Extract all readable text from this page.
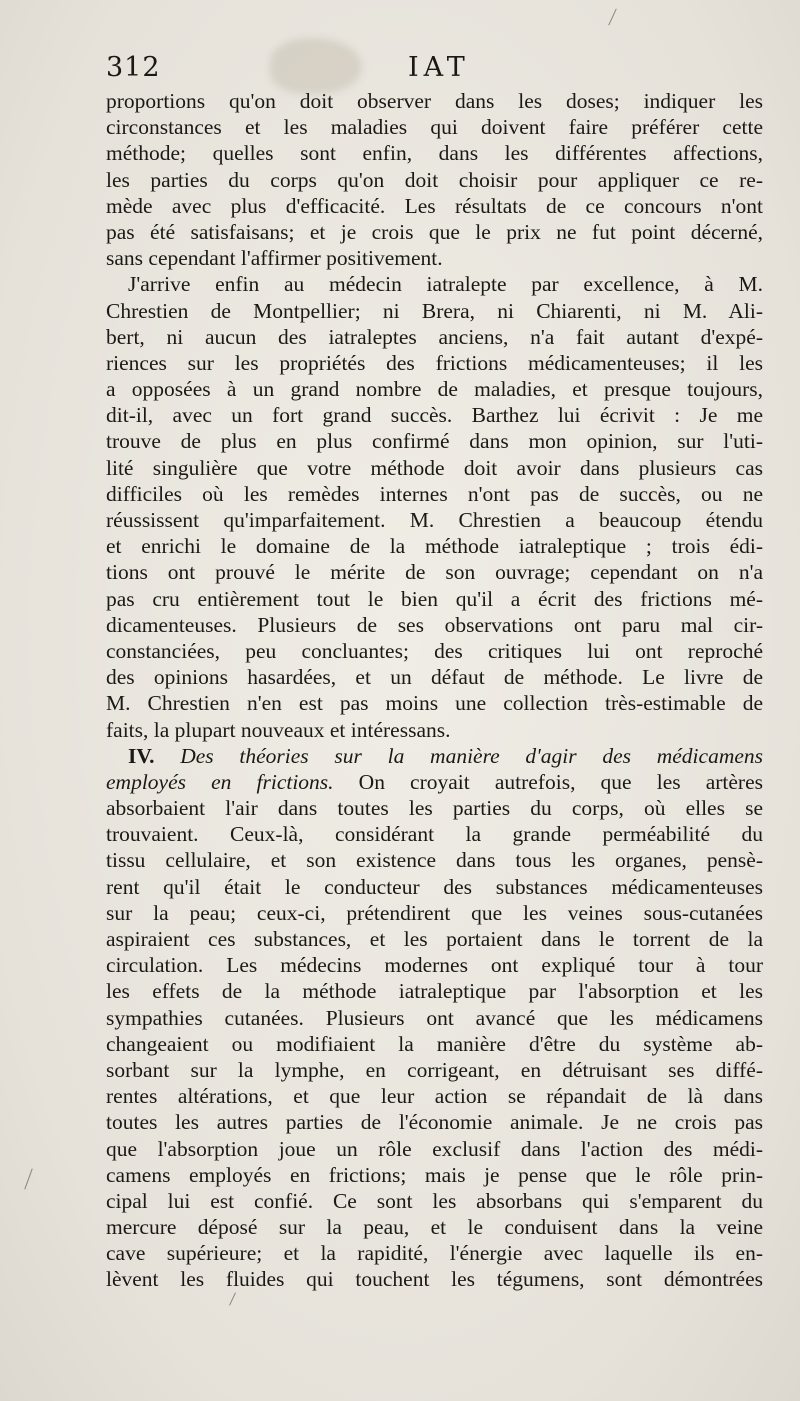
312	IAT

proportions qu'on doit observer dans les doses; indiquer les
circonstances et les maladies qui doivent faire préférer cette
méthode; quelles sont enfin, dans les différentes affections,
les parties du corps qu'on doit choisir pour appliquer ce re-
mède avec plus d'efficacité. Les résultats de ce concours n'ont
pas été satisfaisans; et je crois que le prix ne fut point décerné,
sans cependant l'affirmer positivement.

J'arrive enfin au médecin iatralepte par excellence, à M.
Chrestien de Montpellier; ni Brera, ni Chiarenti, ni M. Ali-
bert, ni aucun des iatraleptes anciens, n'a fait autant d'expé-
riences sur les propriétés des frictions médicamenteuses; il les
a opposées à un grand nombre de maladies, et presque toujours,
dit-il, avec un fort grand succès. Barthez lui écrivit : Je me
trouve de plus en plus confirmé dans mon opinion, sur l'uti-
lité singulière que votre méthode doit avoir dans plusieurs cas
difficiles où les remèdes internes n'ont pas de succès, ou ne
réussissent qu'imparfaitement. M. Chrestien a beaucoup étendu
et enrichi le domaine de la méthode iatraleptique ; trois édi-
tions ont prouvé le mérite de son ouvrage; cependant on n'a
pas cru entièrement tout le bien qu'il a écrit des frictions mé-
dicamenteuses. Plusieurs de ses observations ont paru mal cir-
constanciées, peu concluantes; des critiques lui ont reproché
des opinions hasardées, et un défaut de méthode. Le livre de
M. Chrestien n'en est pas moins une collection très-estimable de
faits, la plupart nouveaux et intéressans.

IV. Des théories sur la manière d'agir des médicamens
employés en frictions. On croyait autrefois, que les artères
absorbaient l'air dans toutes les parties du corps, où elles se
trouvaient. Ceux-là, considérant la grande perméabilité du
tissu cellulaire, et son existence dans tous les organes, pensè-
rent qu'il était le conducteur des substances médicamenteuses
sur la peau; ceux-ci, prétendirent que les veines sous-cutanées
aspiraient ces substances, et les portaient dans le torrent de la
circulation. Les médecins modernes ont expliqué tour à tour
les effets de la méthode iatraleptique par l'absorption et les
sympathies cutanées. Plusieurs ont avancé que les médicamens
changeaient ou modifiaient la manière d'être du système ab-
sorbant sur la lymphe, en corrigeant, en détruisant ses diffé-
rentes altérations, et que leur action se répandait de là dans
toutes les autres parties de l'économie animale. Je ne crois pas
que l'absorption joue un rôle exclusif dans l'action des médi-
camens employés en frictions; mais je pense que le rôle prin-
cipal lui est confié. Ce sont les absorbans qui s'emparent du
mercure déposé sur la peau, et le conduisent dans la veine
cave supérieure; et la rapidité, l'énergie avec laquelle ils en-
lèvent les fluides qui touchent les tégumens, sont démontrées
